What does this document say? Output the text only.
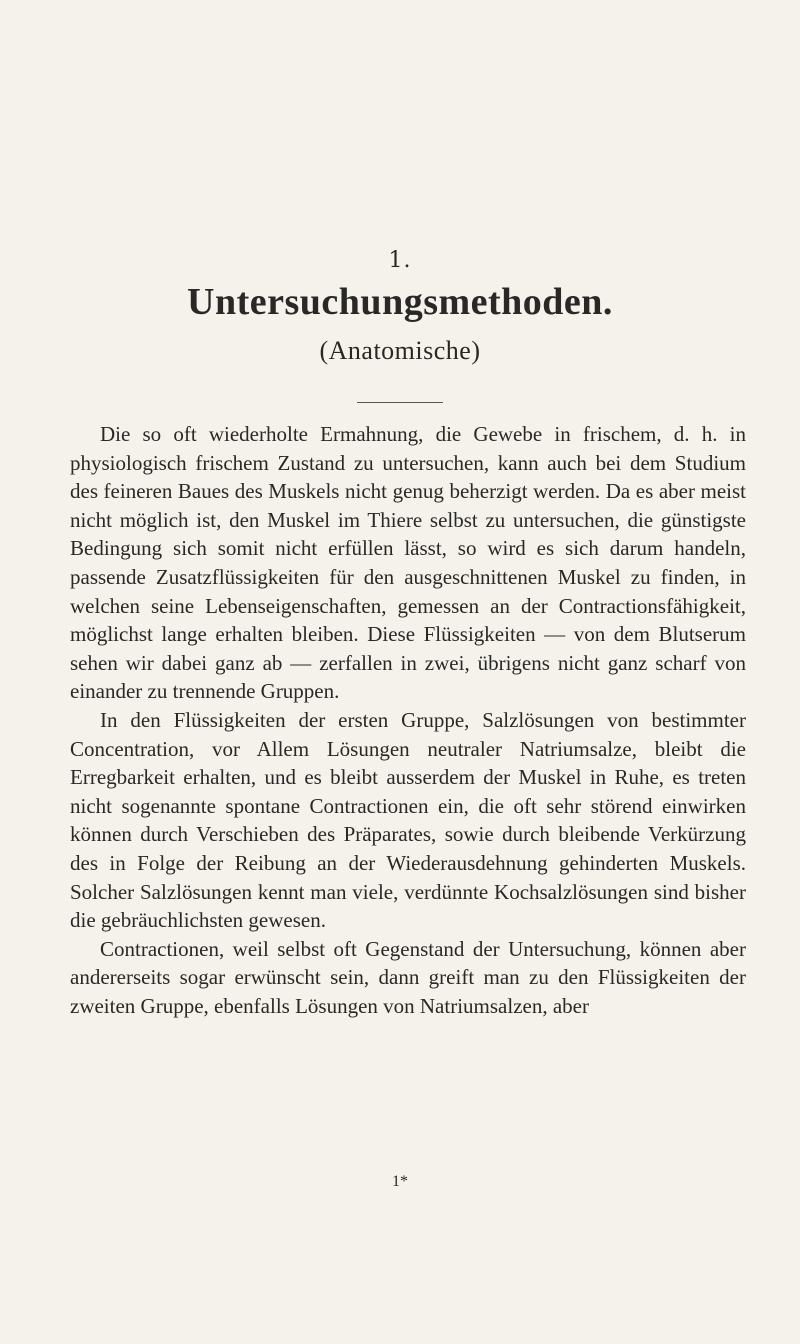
1.
Untersuchungsmethoden.
(Anatomische)

Die so oft wiederholte Ermahnung, die Gewebe in frischem, d. h. in physiologisch frischem Zustand zu untersuchen, kann auch bei dem Studium des feineren Baues des Muskels nicht genug beherzigt werden. Da es aber meist nicht möglich ist, den Muskel im Thiere selbst zu untersuchen, die günstigste Bedingung sich somit nicht erfüllen lässt, so wird es sich darum handeln, passende Zusatzflüssigkeiten für den ausgeschnittenen Muskel zu finden, in welchen seine Lebenseigenschaften, gemessen an der Contractionsfähigkeit, möglichst lange erhalten bleiben. Diese Flüssigkeiten — von dem Blutserum sehen wir dabei ganz ab — zerfallen in zwei, übrigens nicht ganz scharf von einander zu trennende Gruppen.

In den Flüssigkeiten der ersten Gruppe, Salzlösungen von bestimmter Concentration, vor Allem Lösungen neutraler Natriumsalze, bleibt die Erregbarkeit erhalten, und es bleibt ausserdem der Muskel in Ruhe, es treten nicht sogenannte spontane Contractionen ein, die oft sehr störend einwirken können durch Verschieben des Präparates, sowie durch bleibende Verkürzung des in Folge der Reibung an der Wiederausdehnung gehinderten Muskels. Solcher Salzlösungen kennt man viele, verdünnte Kochsalzlösungen sind bisher die gebräuchlichsten gewesen.

Contractionen, weil selbst oft Gegenstand der Untersuchung, können aber andererseits sogar erwünscht sein, dann greift man zu den Flüssigkeiten der zweiten Gruppe, ebenfalls Lösungen von Natriumsalzen, aber

1*
